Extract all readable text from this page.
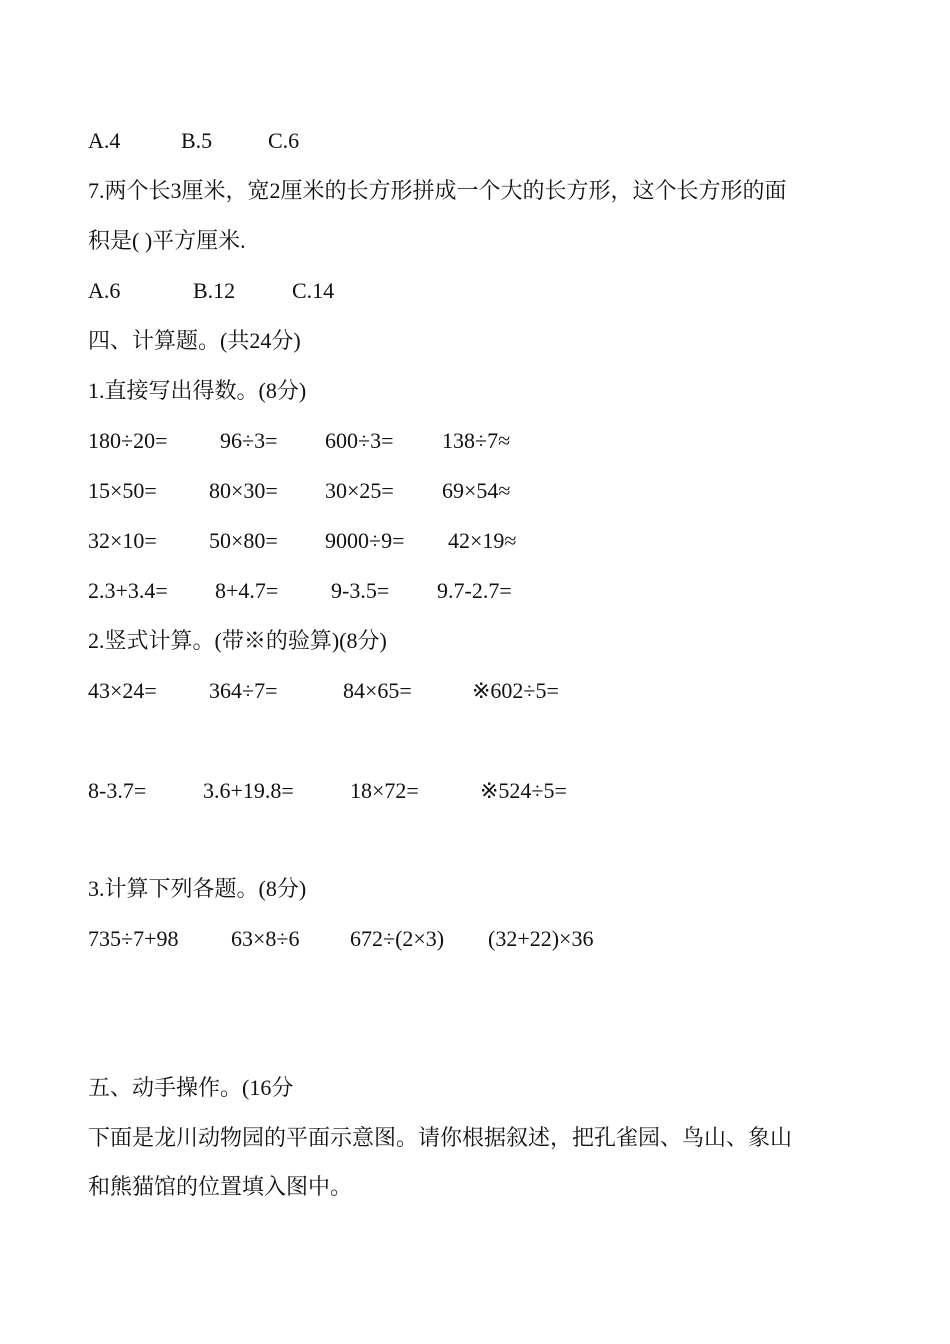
A.4	B.5	C.6
7.两个长3厘米，宽2厘米的长方形拼成一个大的长方形，这个长方形的面
积是( )平方厘米.
A.6	B.12	C.14
四、计算题。(共24分)
1.直接写出得数。(8分)
180÷20= 96÷3= 600÷3= 138÷7≈
15×50= 80×30= 30×25= 69×54≈
32×10= 50×80= 9000÷9= 42×19≈
2.3+3.4= 8+4.7= 9-3.5= 9.7-2.7=
2.竖式计算。(带※的验算)(8分)
43×24= 364÷7=	84×65=	※602÷5=
8-3.7=	3.6+19.8=	18×72=	※524÷5=
3.计算下列各题。(8分)
735÷7+98 63×8÷6 672÷(2×3) (32+22)×36
五、动手操作。(16分
下面是龙川动物园的平面示意图。请你根据叙述，把孔雀园、鸟山、象山
和熊猫馆的位置填入图中。
